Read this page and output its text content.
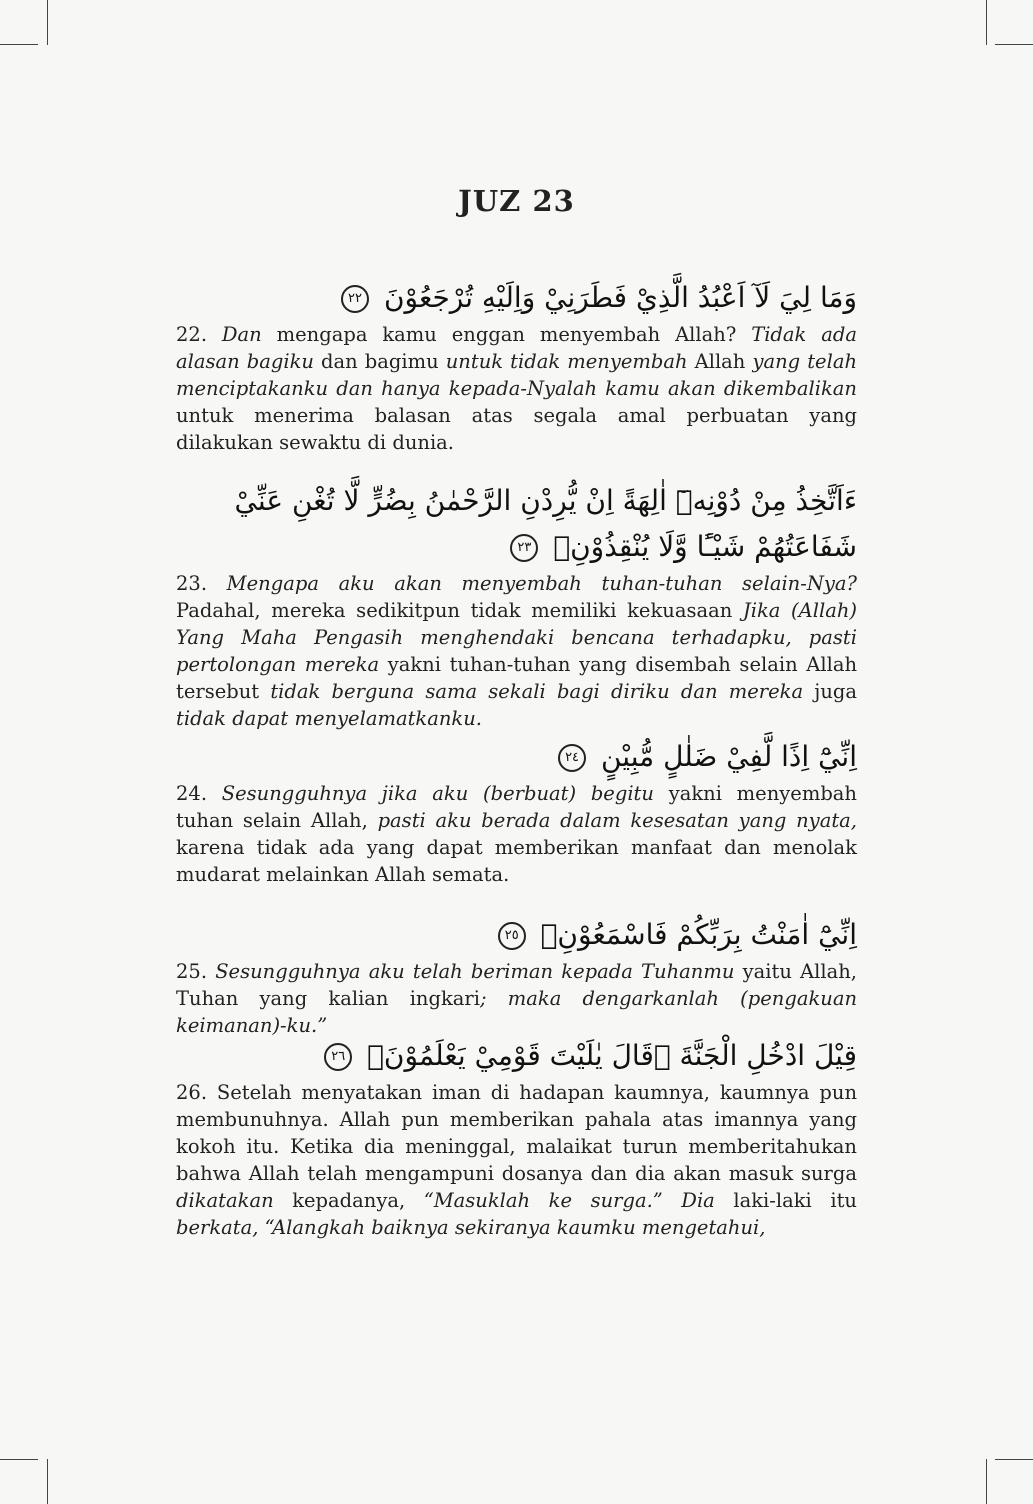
JUZ 23

وَمَا لِيَ لَآ اَعْبُدُ الَّذِيْ فَطَرَنِيْ وَاِلَيْهِ تُرْجَعُوْنَ ٢٢

22. Dan mengapa kamu enggan menyembah Allah? Tidak ada alasan bagiku dan bagimu untuk tidak menyembah Allah yang telah menciptakanku dan hanya kepada-Nyalah kamu akan dikembalikan untuk menerima balasan atas segala amal perbuatan yang dilakukan sewaktu di dunia.

ءَاَتَّخِذُ مِنْ دُوْنِهٖٓ اٰلِهَةً اِنْ يُّرِدْنِ الرَّحْمٰنُ بِضُرٍّ لَّا تُغْنِ عَنِّيْ شَفَاعَتُهُمْ شَيْـًٔا وَّلَا يُنْقِذُوْنِۚ ٢٣

23. Mengapa aku akan menyembah tuhan-tuhan selain-Nya? Padahal, mereka sedikitpun tidak memiliki kekuasaan Jika (Allah) Yang Maha Pengasih menghendaki bencana terhadapku, pasti pertolongan mereka yakni tuhan-tuhan yang disembah selain Allah tersebut tidak berguna sama sekali bagi diriku dan mereka juga tidak dapat menyelamatkanku.

اِنِّيْٓ اِذًا لَّفِيْ ضَلٰلٍ مُّبِيْنٍ ٢٤

24. Sesungguhnya jika aku (berbuat) begitu yakni menyembah tuhan selain Allah, pasti aku berada dalam kesesatan yang nyata, karena tidak ada yang dapat memberikan manfaat dan menolak mudarat melainkan Allah semata.

اِنِّيْٓ اٰمَنْتُ بِرَبِّكُمْ فَاسْمَعُوْنِۗ ٢٥

25. Sesungguhnya aku telah beriman kepada Tuhanmu yaitu Allah, Tuhan yang kalian ingkari; maka dengarkanlah (pengakuan keimanan)-ku.”

قِيْلَ ادْخُلِ الْجَنَّةَ ۗقَالَ يٰلَيْتَ قَوْمِيْ يَعْلَمُوْنَۙ ٢٦

26. Setelah menyatakan iman di hadapan kaumnya, kaumnya pun membunuhnya. Allah pun memberikan pahala atas imannya yang kokoh itu. Ketika dia meninggal, malaikat turun memberitahukan bahwa Allah telah mengampuni dosanya dan dia akan masuk surga dikatakan kepadanya, “Masuklah ke surga.” Dia laki-laki itu berkata, “Alangkah baiknya sekiranya kaumku mengetahui,
